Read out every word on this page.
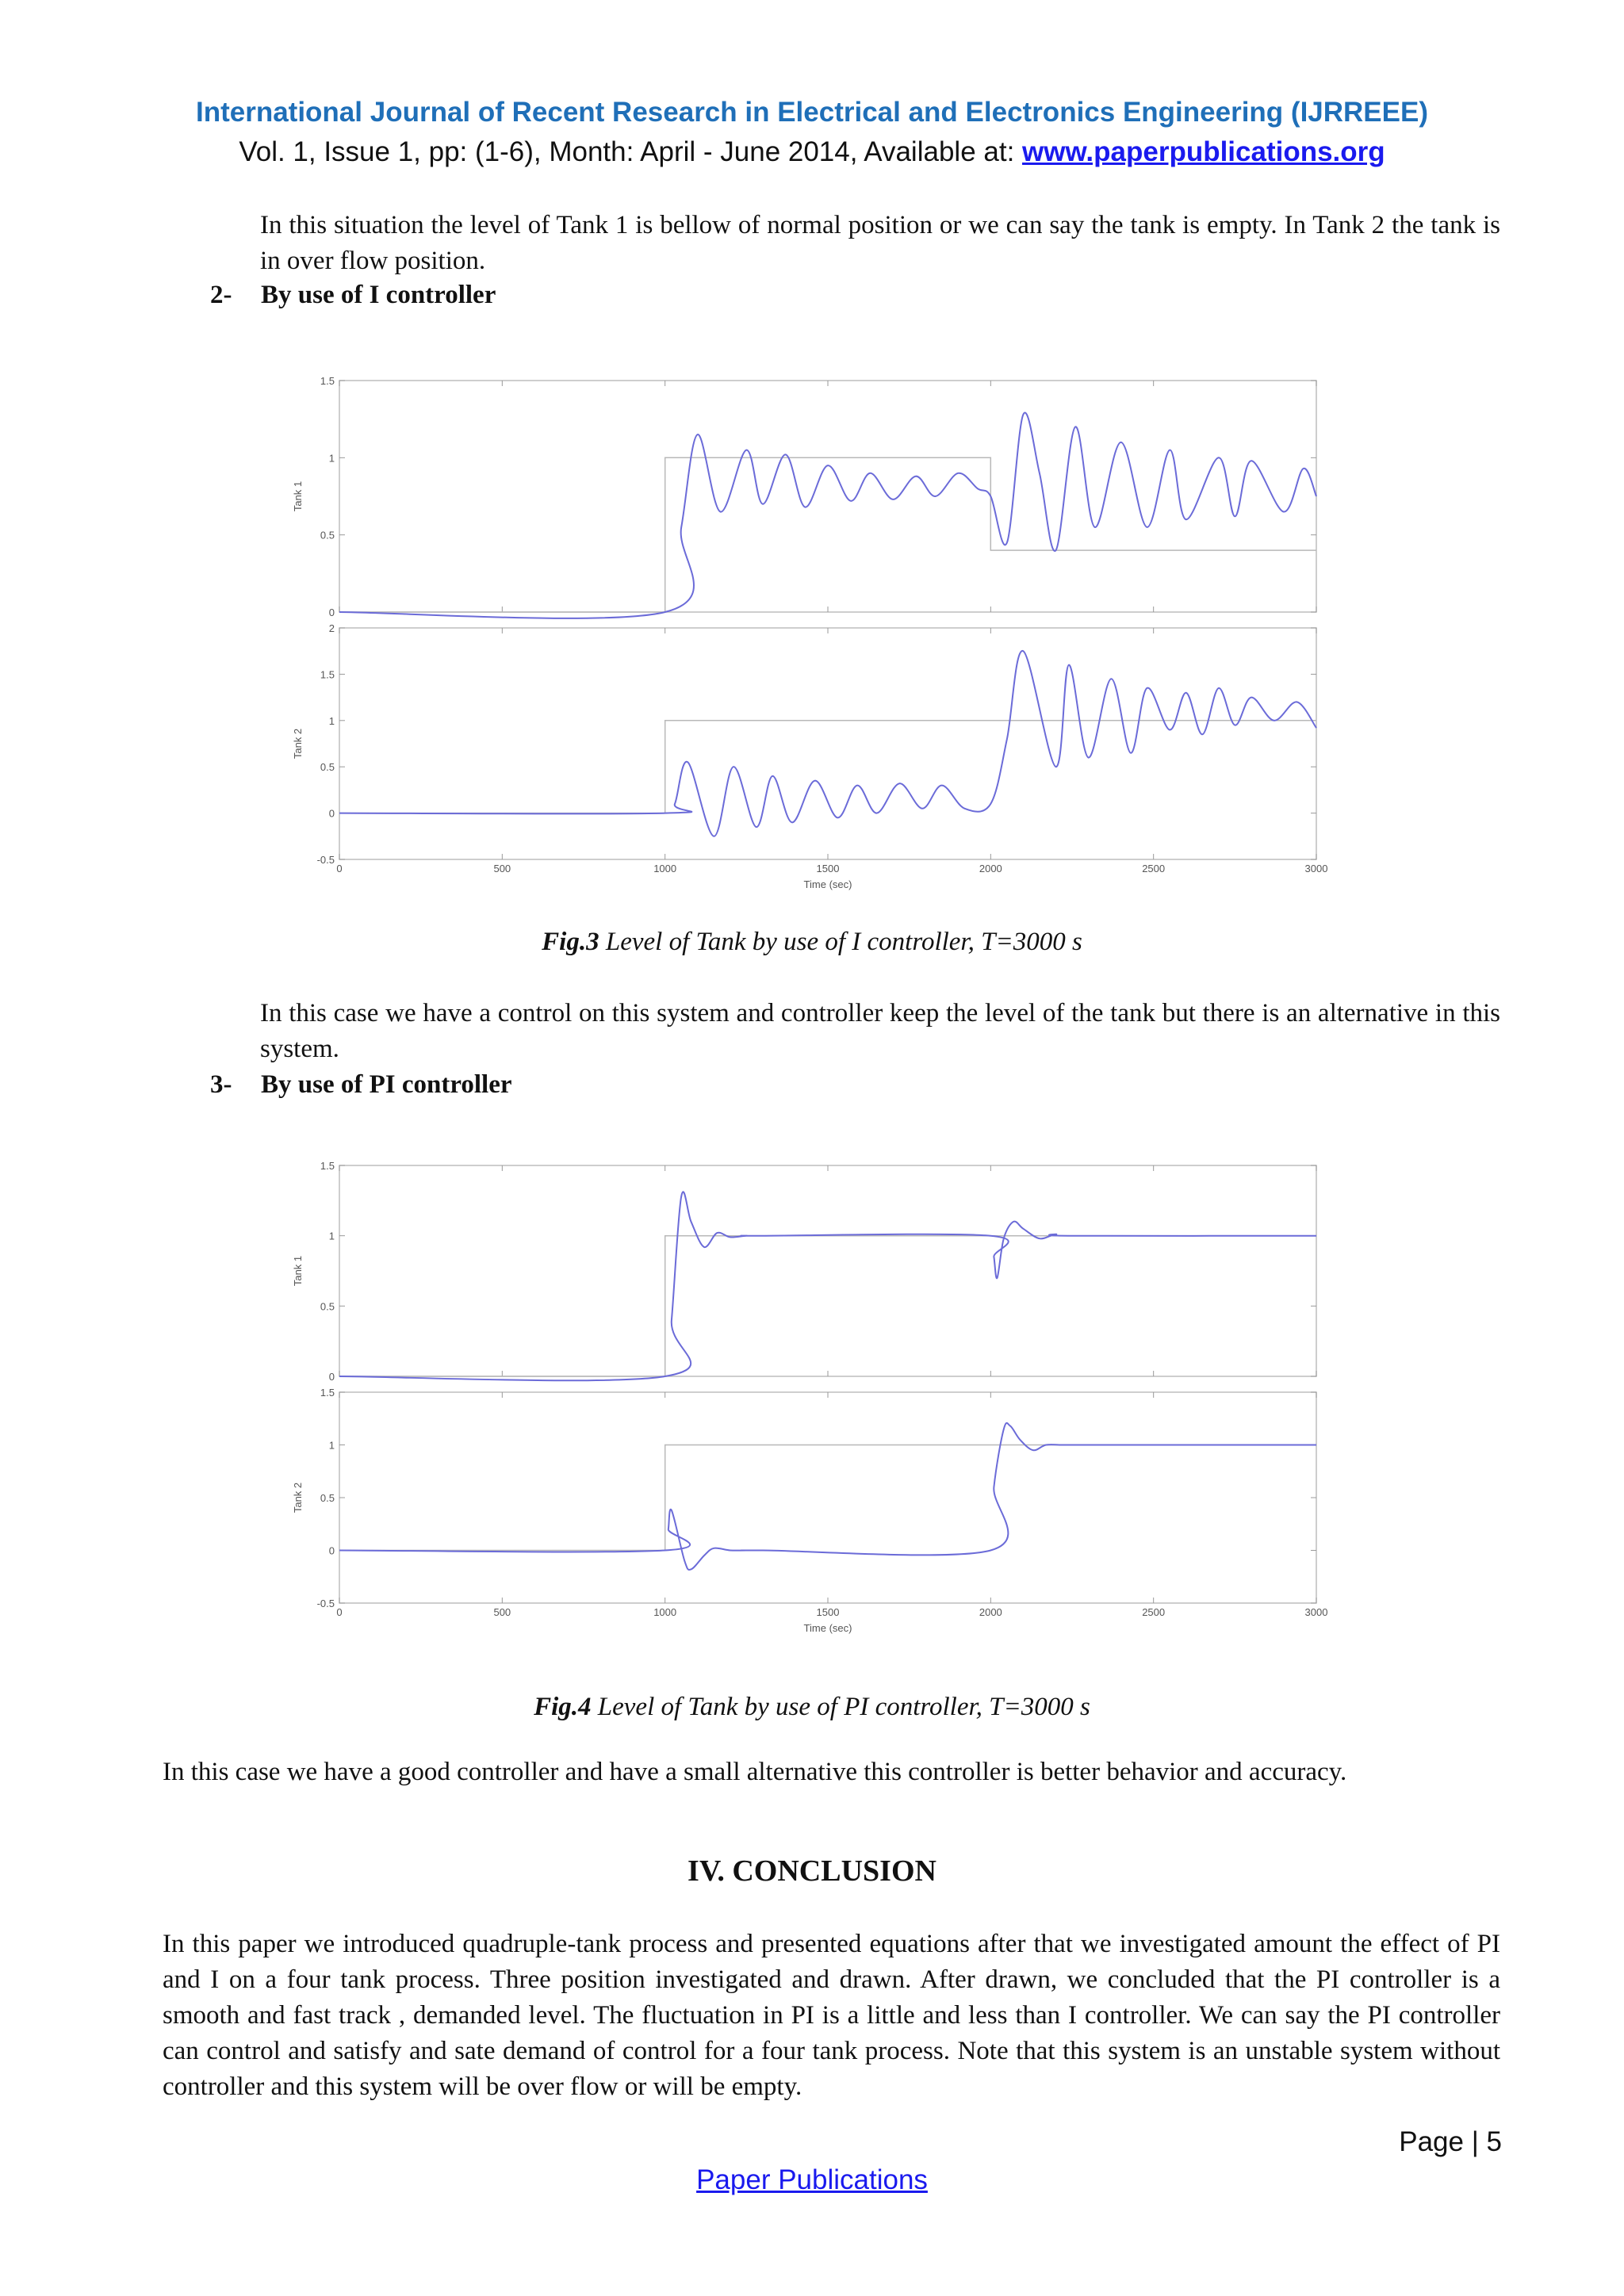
International Journal of Recent Research in Electrical and Electronics Engineering (IJRREEE)
Vol. 1, Issue 1, pp: (1-6), Month: April - June 2014, Available at: www.paperpublications.org
In this situation the level of Tank 1 is bellow of normal position or we can say the tank is empty. In Tank 2 the tank is in over flow position.
2- By use of I controller
0
0.5
1
1.5
Tank 1
-0.5
0
0.5
1
1.5
2
Tank 2
0	500	1000	1500	2000	2500	3000
Time (sec)
Fig.3 Level of Tank by use of I controller, T=3000 s
In this case we have a control on this system and controller keep the level of the tank but there is an alternative in this system.
3- By use of PI controller
0
0.5
1
1.5
Tank 1
-0.5
0
0.5
1
1.5
Tank 2
0	500	1000	1500	2000	2500	3000
Time (sec)
Fig.4 Level of Tank by use of PI controller, T=3000 s
In this case we have a good controller and have a small alternative this controller is better behavior and accuracy.
IV. CONCLUSION
In this paper we introduced quadruple-tank process and presented equations after that we investigated amount the effect of PI and I on a four tank process. Three position investigated and drawn. After drawn, we concluded that the PI controller is a smooth and fast track , demanded level. The fluctuation in PI is a little and less than I controller. We can say the PI controller can control and satisfy and sate demand of control for a four tank process. Note that this system is an unstable system without controller and this system will be over flow or will be empty.
Page | 5
Paper Publications
